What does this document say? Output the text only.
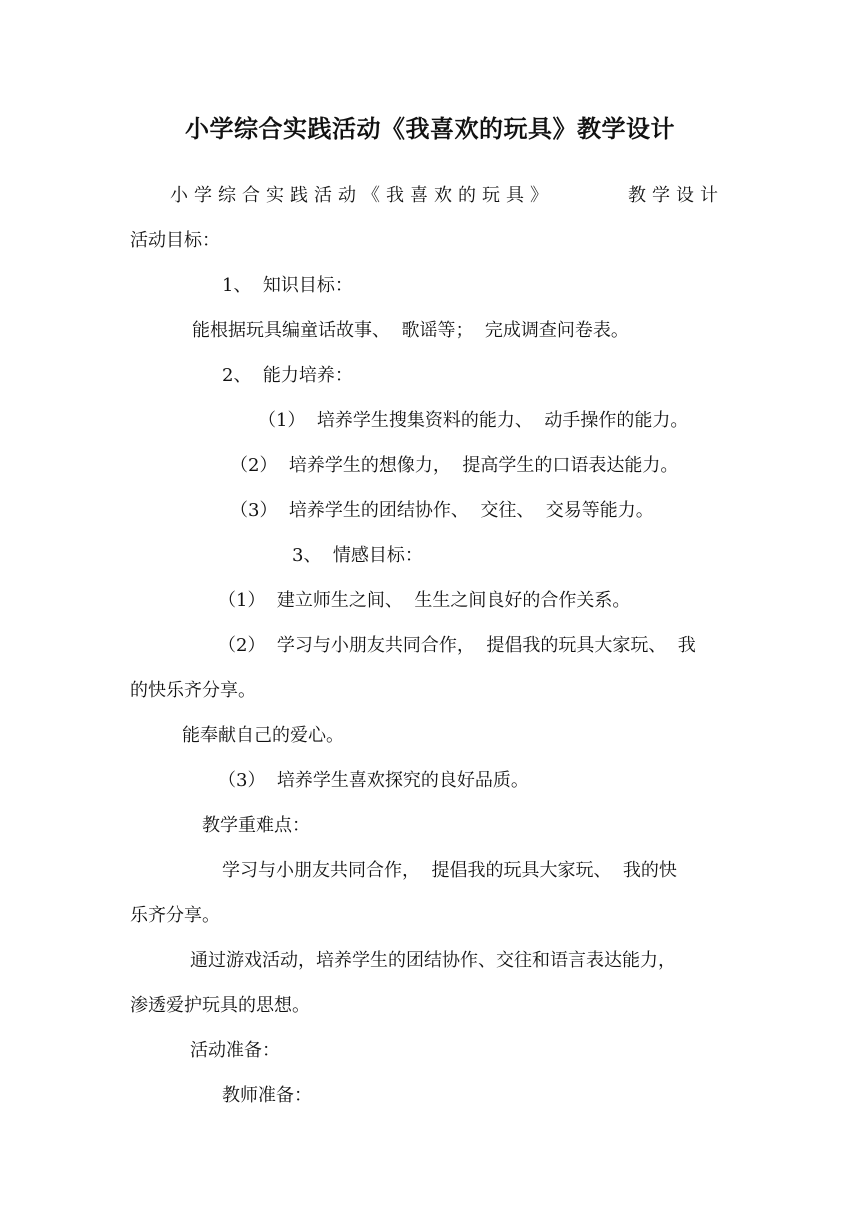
小学综合实践活动《我喜欢的玩具》教学设计
小学综合实践活动《我喜欢的玩具》	教学设计
活动目标：
1、  知识目标：
能根据玩具编童话故事、  歌谣等；  完成调查问卷表。
2、  能力培养：
（1）  培养学生搜集资料的能力、  动手操作的能力。
（2）  培养学生的想像力，  提高学生的口语表达能力。
（3）  培养学生的团结协作、  交往、  交易等能力。
3、  情感目标：
（1）  建立师生之间、  生生之间良好的合作关系。
（2）  学习与小朋友共同合作，  提倡我的玩具大家玩、  我
的快乐齐分享。
能奉献自己的爱心。
（3）  培养学生喜欢探究的良好品质。
教学重难点：
学习与小朋友共同合作，  提倡我的玩具大家玩、  我的快
乐齐分享。
通过游戏活动，培养学生的团结协作、交往和语言表达能力，
渗透爱护玩具的思想。
活动准备：
教师准备：
